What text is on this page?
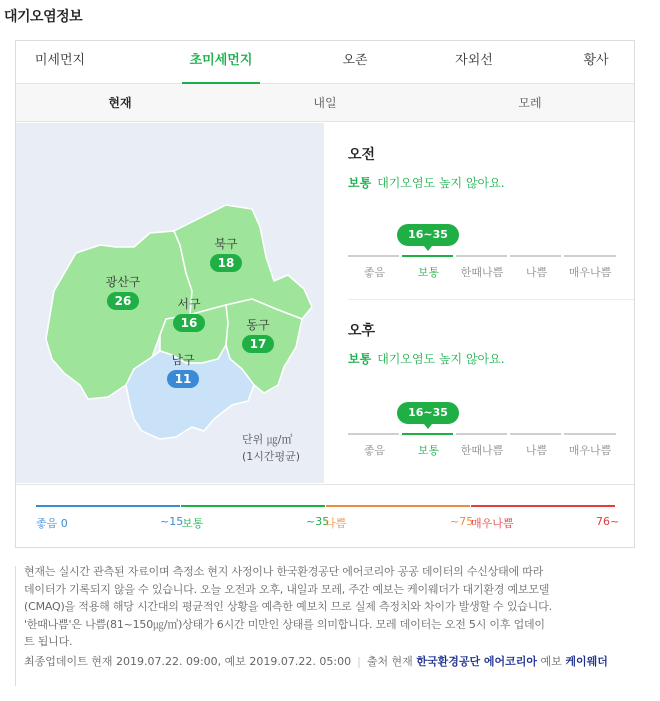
대기오염정보
미세먼지	초미세먼지	오존	자외선	황사
현재	내일	모레
광산구
26
북구
18
서구
16	동구
17
남구
11
단위 ㎍/㎥
(1시간평균)
오전
보통 대기오염도 높지 않아요.
16~35
좋음	보통	한때나쁨	나쁨	매우나쁨
오후
보통 대기오염도 높지 않아요.
16~35
좋음	보통	한때나쁨	나쁨	매우나쁨
좋음 0	~15
보통	~35
나쁨	~75
매우나쁨	76~
현재는 실시간 관측된 자료이며 측정소 현지 사정이나 한국환경공단 에어코리아 공공 데이터의 수신상태에 따라
데이터가 기록되지 않을 수 있습니다. 오늘 오전과 오후, 내일과 모레, 주간 예보는 케이웨더가 대기환경 예보모델
(CMAQ)을 적용해 해당 시간대의 평균적인 상황을 예측한 예보치 므로 실제 측정치와 차이가 발생할 수 있습니다.
'한때나쁨'은 나쁨(81~150㎍/㎥)상태가 6시간 미만인 상태를 의미합니다. 모레 데이터는 오전 5시 이후 업데이
트 됩니다.
최종업데이트 현재 2019.07.22. 09:00, 예보 2019.07.22. 05:00 | 출처 현재 한국환경공단 에어코리아 예보 케이웨더
